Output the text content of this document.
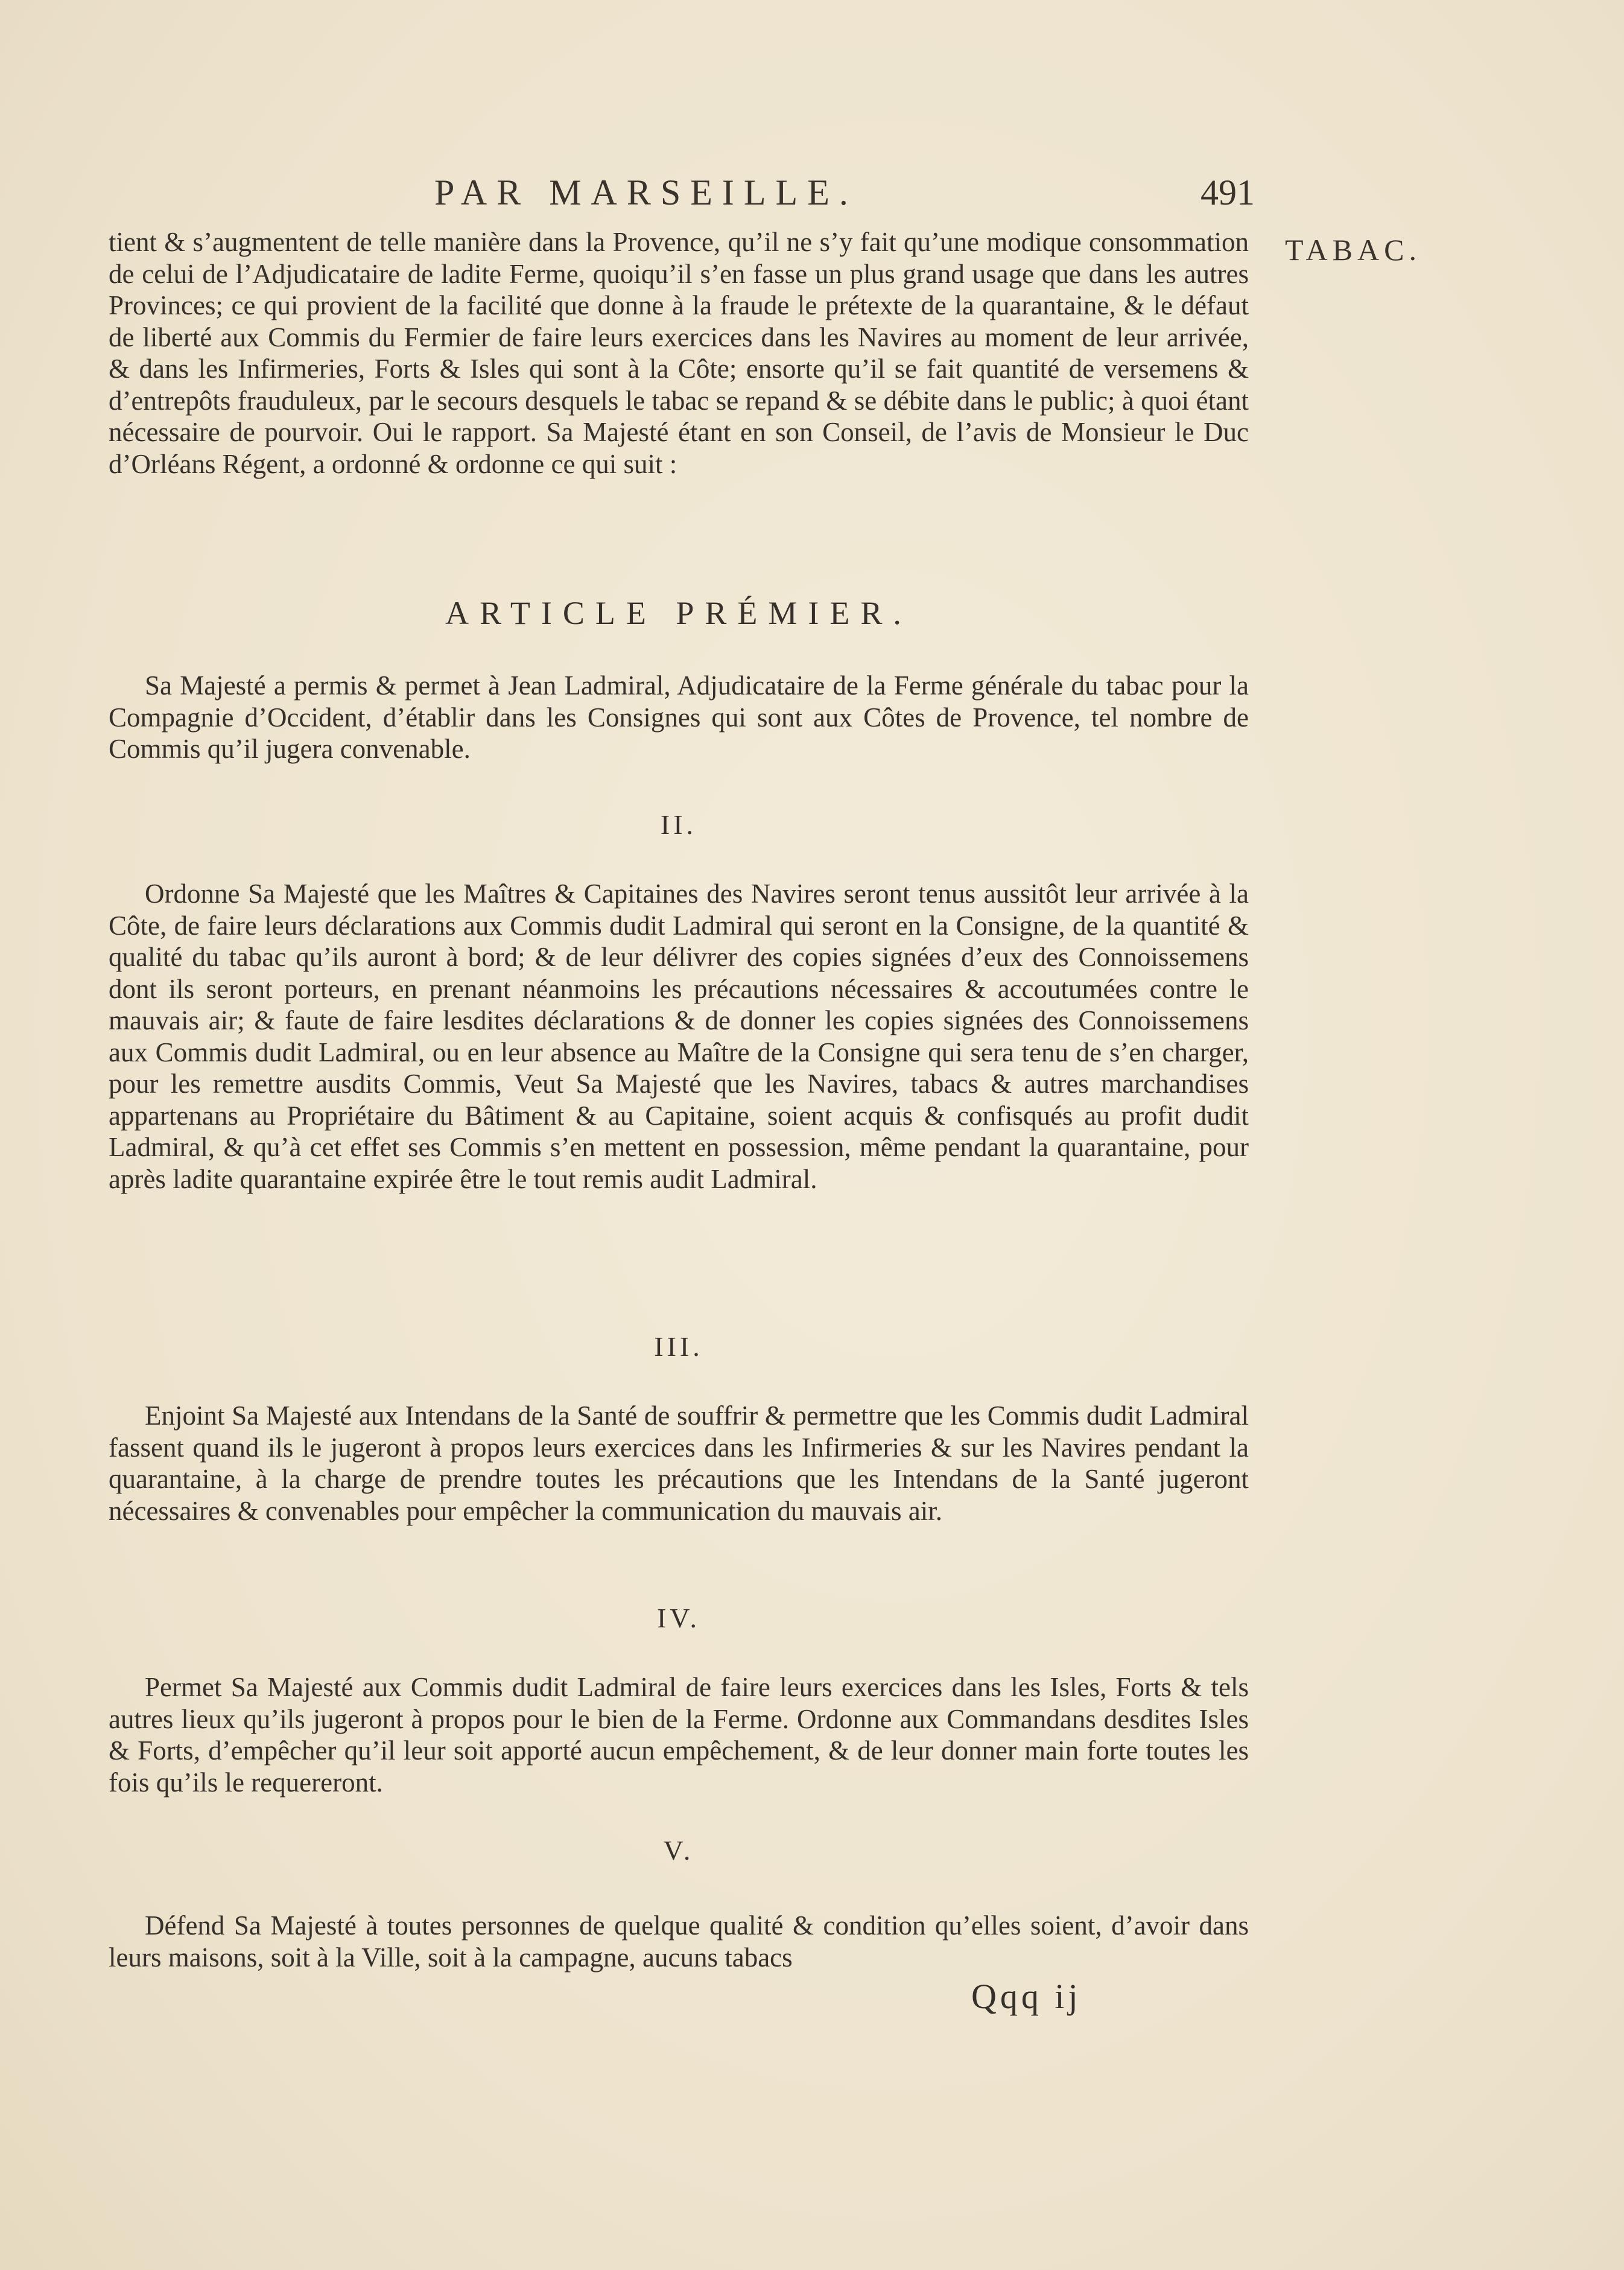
PAR MARSEILLE.	491
TABAC.

tient & s’augmentent de telle manière dans la Provence, qu’il ne s’y fait qu’une modique consommation de celui de l’Adjudicataire de ladite Ferme, quoiqu’il s’en fasse un plus grand usage que dans les autres Provinces; ce qui provient de la facilité que donne à la fraude le prétexte de la quarantaine, & le défaut de liberté aux Commis du Fermier de faire leurs exercices dans les Navires au moment de leur arrivée, & dans les Infirmeries, Forts & Isles qui sont à la Côte; ensorte qu’il se fait quantité de versemens & d’entrepôts frauduleux, par le secours desquels le tabac se repand & se débite dans le public; à quoi étant nécessaire de pourvoir. Oui le rapport. Sa Majesté étant en son Conseil, de l’avis de Monsieur le Duc d’Orléans Régent, a ordonné & ordonne ce qui suit :

ARTICLE PRÉMIER.

Sa Majesté a permis & permet à Jean Ladmiral, Adjudicataire de la Ferme générale du tabac pour la Compagnie d’Occident, d’établir dans les Consignes qui sont aux Côtes de Provence, tel nombre de Commis qu’il jugera convenable.

II.

Ordonne Sa Majesté que les Maîtres & Capitaines des Navires seront tenus aussitôt leur arrivée à la Côte, de faire leurs déclarations aux Commis dudit Ladmiral qui seront en la Consigne, de la quantité & qualité du tabac qu’ils auront à bord; & de leur délivrer des copies signées d’eux des Connoissemens dont ils seront porteurs, en prenant néanmoins les précautions nécessaires & accoutumées contre le mauvais air; & faute de faire lesdites déclarations & de donner les copies signées des Connoissemens aux Commis dudit Ladmiral, ou en leur absence au Maître de la Consigne qui sera tenu de s’en charger, pour les remettre ausdits Commis, Veut Sa Majesté que les Navires, tabacs & autres marchandises appartenans au Propriétaire du Bâtiment & au Capitaine, soient acquis & confisqués au profit dudit Ladmiral, & qu’à cet effet ses Commis s’en mettent en possession, même pendant la quarantaine, pour après ladite quarantaine expirée être le tout remis audit Ladmiral.

III.

Enjoint Sa Majesté aux Intendans de la Santé de souffrir & permettre que les Commis dudit Ladmiral fassent quand ils le jugeront à propos leurs exercices dans les Infirmeries & sur les Navires pendant la quarantaine, à la charge de prendre toutes les précautions que les Intendans de la Santé jugeront nécessaires & convenables pour empêcher la communication du mauvais air.

IV.

Permet Sa Majesté aux Commis dudit Ladmiral de faire leurs exercices dans les Isles, Forts & tels autres lieux qu’ils jugeront à propos pour le bien de la Ferme. Ordonne aux Commandans desdites Isles & Forts, d’empêcher qu’il leur soit apporté aucun empêchement, & de leur donner main forte toutes les fois qu’ils le requereront.

V.

Défend Sa Majesté à toutes personnes de quelque qualité & condition qu’elles soient, d’avoir dans leurs maisons, soit à la Ville, soit à la campagne, aucuns tabacs

Qqq ij
